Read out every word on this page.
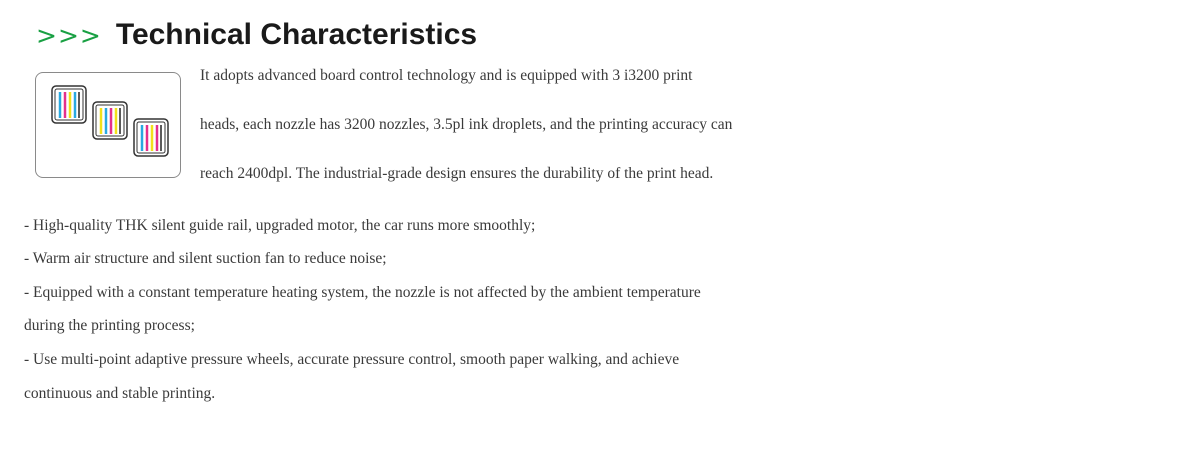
>>> Technical Characteristics
It adopts advanced board control technology and is equipped with 3 i3200 print
heads, each nozzle has 3200 nozzles, 3.5pl ink droplets, and the printing accuracy can
reach 2400dpl. The industrial-grade design ensures the durability of the print head.
- High-quality THK silent guide rail, upgraded motor, the car runs more smoothly;
- Warm air structure and silent suction fan to reduce noise;
- Equipped with a constant temperature heating system, the nozzle is not affected by the ambient temperature
during the printing process;
- Use multi-point adaptive pressure wheels, accurate pressure control, smooth paper walking, and achieve
continuous and stable printing.
